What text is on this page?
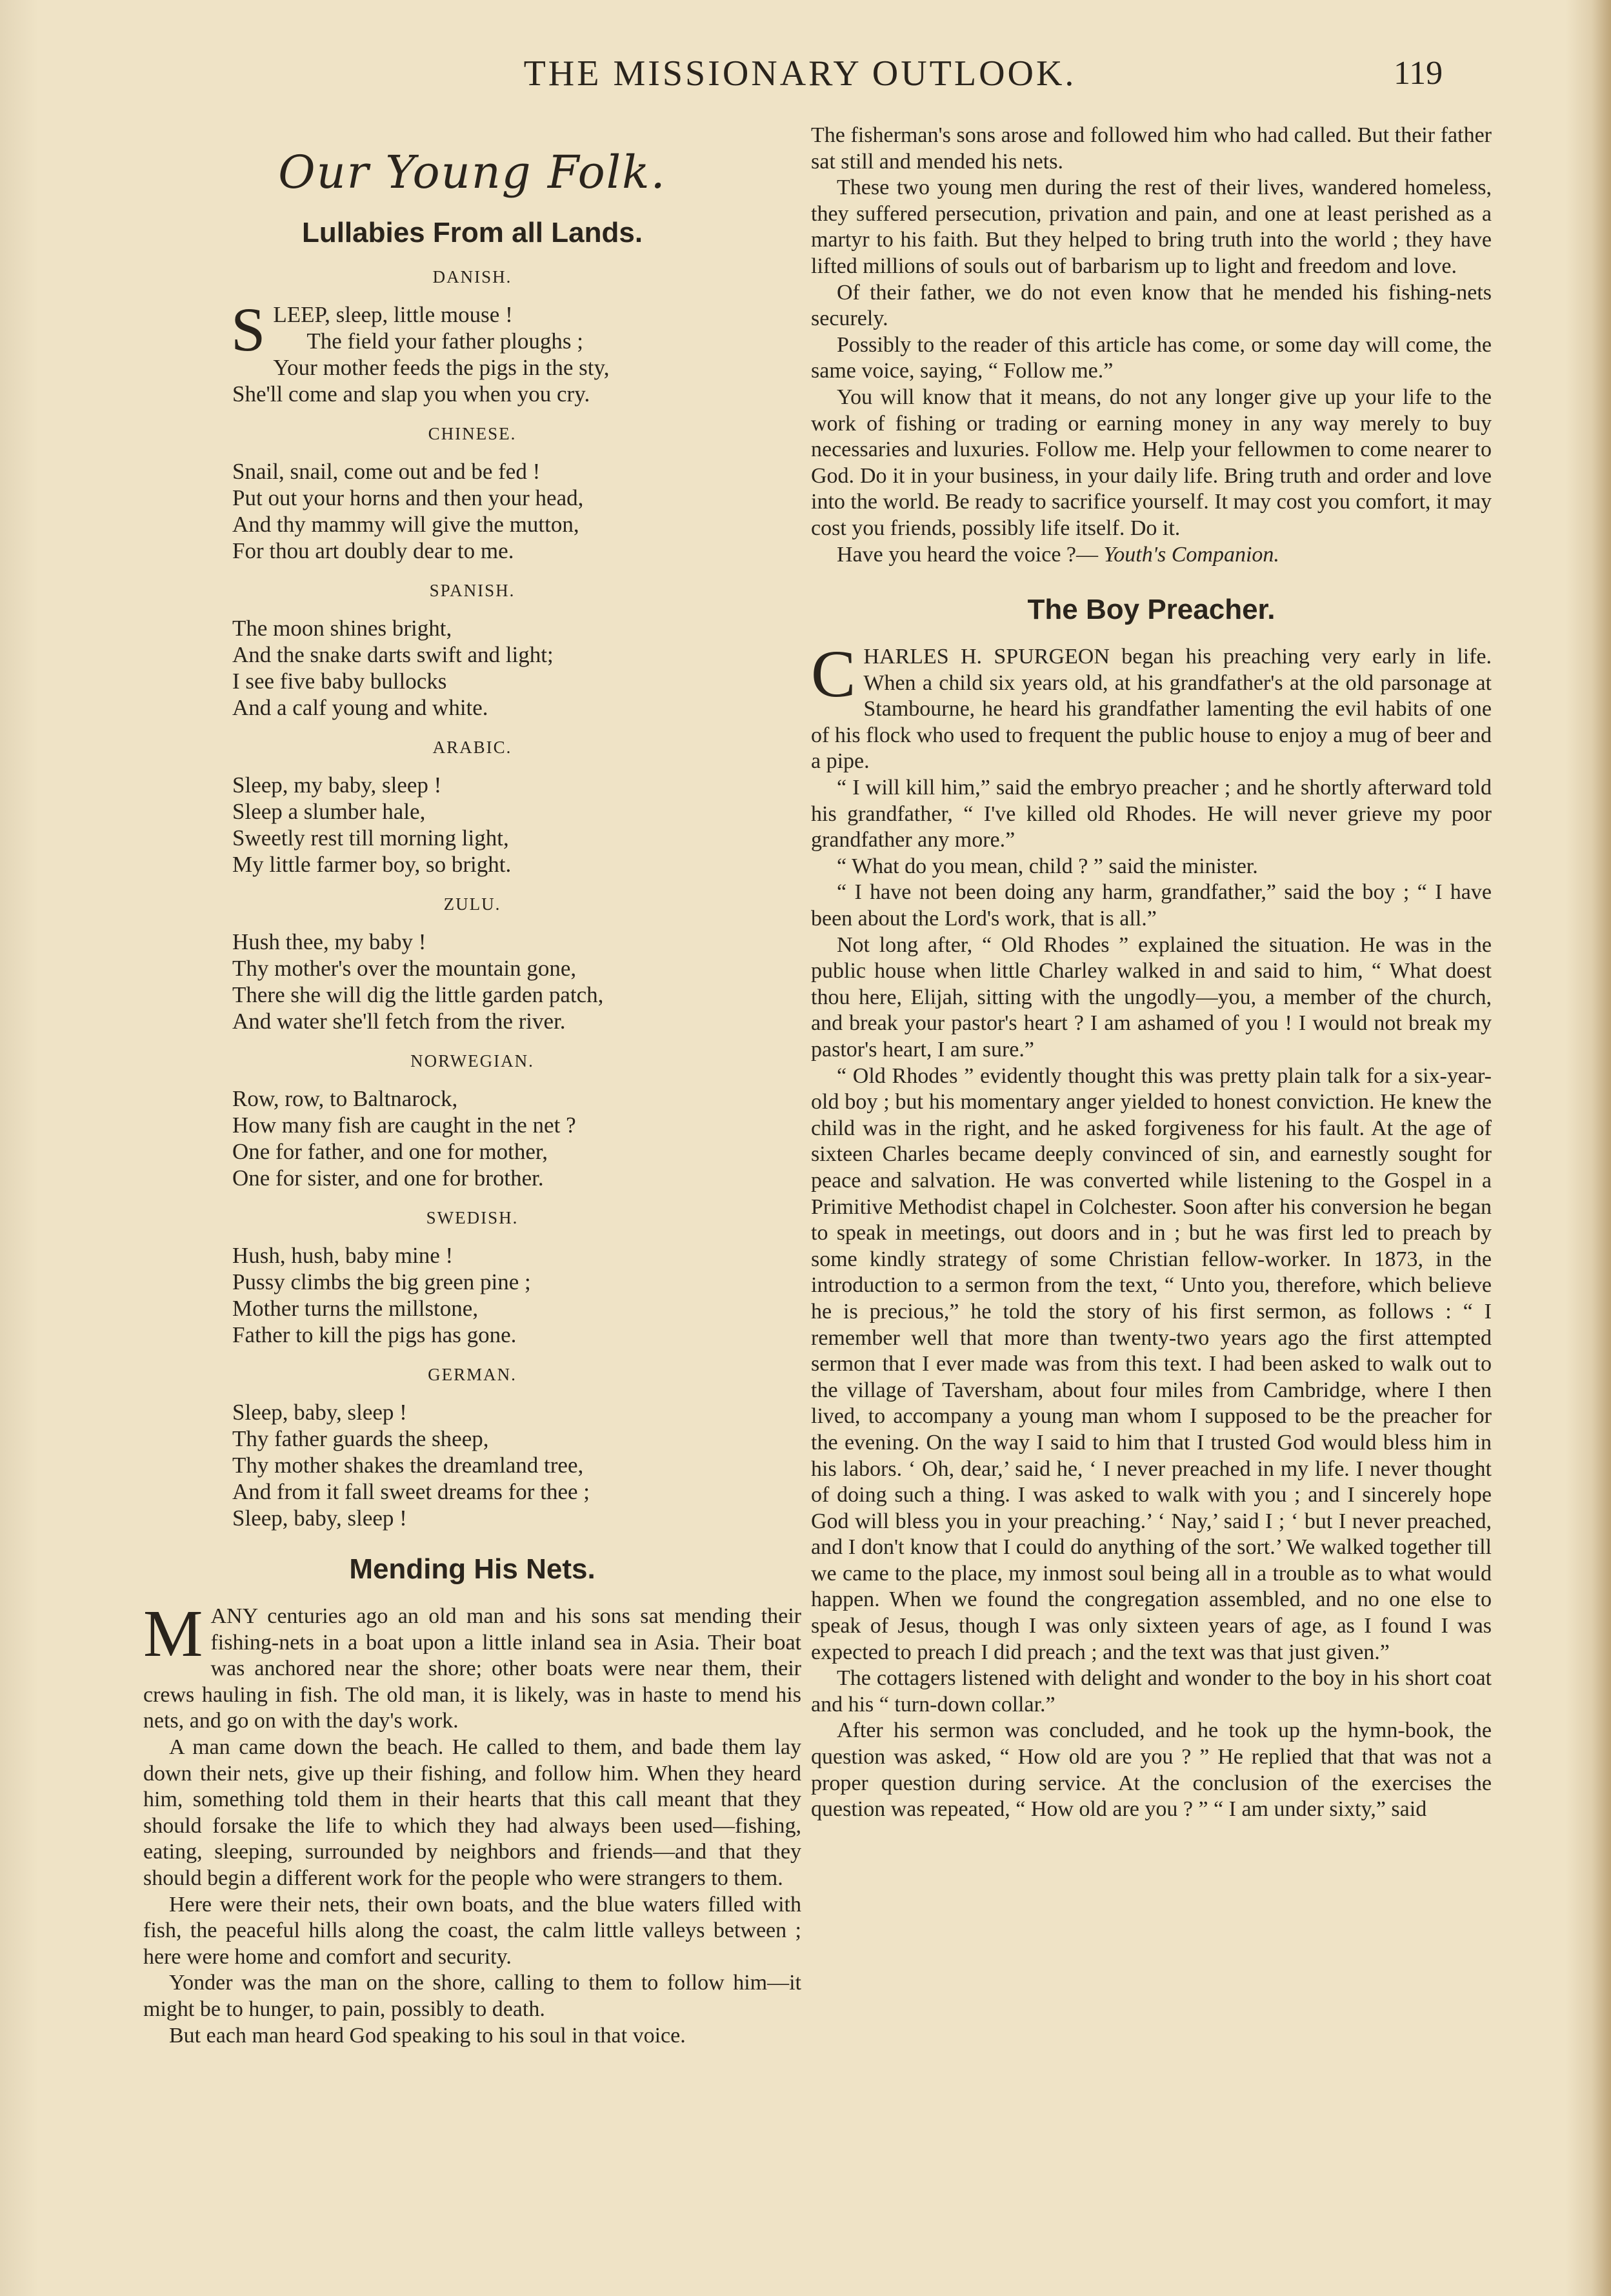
THE MISSIONARY OUTLOOK.	119
Our Young Folk.
Lullabies From all Lands.
DANISH.
S LEEP, sleep, little mouse !
The field your father ploughs ;
Your mother feeds the pigs in the sty,
She'll come and slap you when you cry.
CHINESE.
Snail, snail, come out and be fed !
Put out your horns and then your head,
And thy mammy will give the mutton,
For thou art doubly dear to me.
SPANISH.
The moon shines bright,
And the snake darts swift and light;
I see five baby bullocks
And a calf young and white.
ARABIC.
Sleep, my baby, sleep !
Sleep a slumber hale,
Sweetly rest till morning light,
My little farmer boy, so bright.
ZULU.
Hush thee, my baby !
Thy mother's over the mountain gone,
There she will dig the little garden patch,
And water she'll fetch from the river.
NORWEGIAN.
Row, row, to Baltnarock,
How many fish are caught in the net ?
One for father, and one for mother,
One for sister, and one for brother.
SWEDISH.
Hush, hush, baby mine !
Pussy climbs the big green pine ;
Mother turns the millstone,
Father to kill the pigs has gone.
GERMAN.
Sleep, baby, sleep !
Thy father guards the sheep,
Thy mother shakes the dreamland tree,
And from it fall sweet dreams for thee ;
Sleep, baby, sleep !
Mending His Nets.
M ANY centuries ago an old man and his sons sat mending their fishing-nets in a boat upon a little inland sea in Asia. Their boat was anchored near the shore; other boats were near them, their crews hauling in fish. The old man, it is likely, was in haste to mend his nets, and go on with the day's work.

A man came down the beach. He called to them, and bade them lay down their nets, give up their fishing, and follow him. When they heard him, something told them in their hearts that this call meant that they should forsake the life to which they had always been used—fishing, eating, sleeping, surrounded by neighbors and friends—and that they should begin a different work for the people who were strangers to them.

Here were their nets, their own boats, and the blue waters filled with fish, the peaceful hills along the coast, the calm little valleys between ; here were home and comfort and security.

Yonder was the man on the shore, calling to them to follow him—it might be to hunger, to pain, possibly to death.

But each man heard God speaking to his soul in that voice.

The fisherman's sons arose and followed him who had called. But their father sat still and mended his nets.

These two young men during the rest of their lives, wandered homeless, they suffered persecution, privation and pain, and one at least perished as a martyr to his faith. But they helped to bring truth into the world ; they have lifted millions of souls out of barbarism up to light and freedom and love.

Of their father, we do not even know that he mended his fishing-nets securely.

Possibly to the reader of this article has come, or some day will come, the same voice, saying, “ Follow me.”

You will know that it means, do not any longer give up your life to the work of fishing or trading or earning money in any way merely to buy necessaries and luxuries. Follow me. Help your fellowmen to come nearer to God. Do it in your business, in your daily life. Bring truth and order and love into the world. Be ready to sacrifice yourself. It may cost you comfort, it may cost you friends, possibly life itself. Do it.

Have you heard the voice ?— Youth's Companion.

The Boy Preacher.
C HARLES H. SPURGEON began his preaching very early in life. When a child six years old, at his grandfather's at the old parsonage at Stambourne, he heard his grandfather lamenting the evil habits of one of his flock who used to frequent the public house to enjoy a mug of beer and a pipe.

“ I will kill him,” said the embryo preacher ; and he shortly afterward told his grandfather, “ I've killed old Rhodes. He will never grieve my poor grandfather any more.”

“ What do you mean, child ? ” said the minister.

“ I have not been doing any harm, grandfather,” said the boy ; “ I have been about the Lord's work, that is all.”

Not long after, “ Old Rhodes ” explained the situation. He was in the public house when little Charley walked in and said to him, “ What doest thou here, Elijah, sitting with the ungodly—you, a member of the church, and break your pastor's heart ? I am ashamed of you ! I would not break my pastor's heart, I am sure.”

“ Old Rhodes ” evidently thought this was pretty plain talk for a six-year-old boy ; but his momentary anger yielded to honest conviction. He knew the child was in the right, and he asked forgiveness for his fault. At the age of sixteen Charles became deeply convinced of sin, and earnestly sought for peace and salvation. He was converted while listening to the Gospel in a Primitive Methodist chapel in Colchester. Soon after his conversion he began to speak in meetings, out doors and in ; but he was first led to preach by some kindly strategy of some Christian fellow-worker. In 1873, in the introduction to a sermon from the text, “ Unto you, therefore, which believe he is precious,” he told the story of his first sermon, as follows : “ I remember well that more than twenty-two years ago the first attempted sermon that I ever made was from this text. I had been asked to walk out to the village of Taversham, about four miles from Cambridge, where I then lived, to accompany a young man whom I supposed to be the preacher for the evening. On the way I said to him that I trusted God would bless him in his labors. ‘ Oh, dear,’ said he, ‘ I never preached in my life. I never thought of doing such a thing. I was asked to walk with you ; and I sincerely hope God will bless you in your preaching.’ ‘ Nay,’ said I ; ‘ but I never preached, and I don't know that I could do anything of the sort.’ We walked together till we came to the place, my inmost soul being all in a trouble as to what would happen. When we found the congregation assembled, and no one else to speak of Jesus, though I was only sixteen years of age, as I found I was expected to preach I did preach ; and the text was that just given.”

The cottagers listened with delight and wonder to the boy in his short coat and his “ turn-down collar.”

After his sermon was concluded, and he took up the hymn-book, the question was asked, “ How old are you ? ” He replied that that was not a proper question during service. At the conclusion of the exercises the question was repeated, “ How old are you ? ” “ I am under sixty,” said
